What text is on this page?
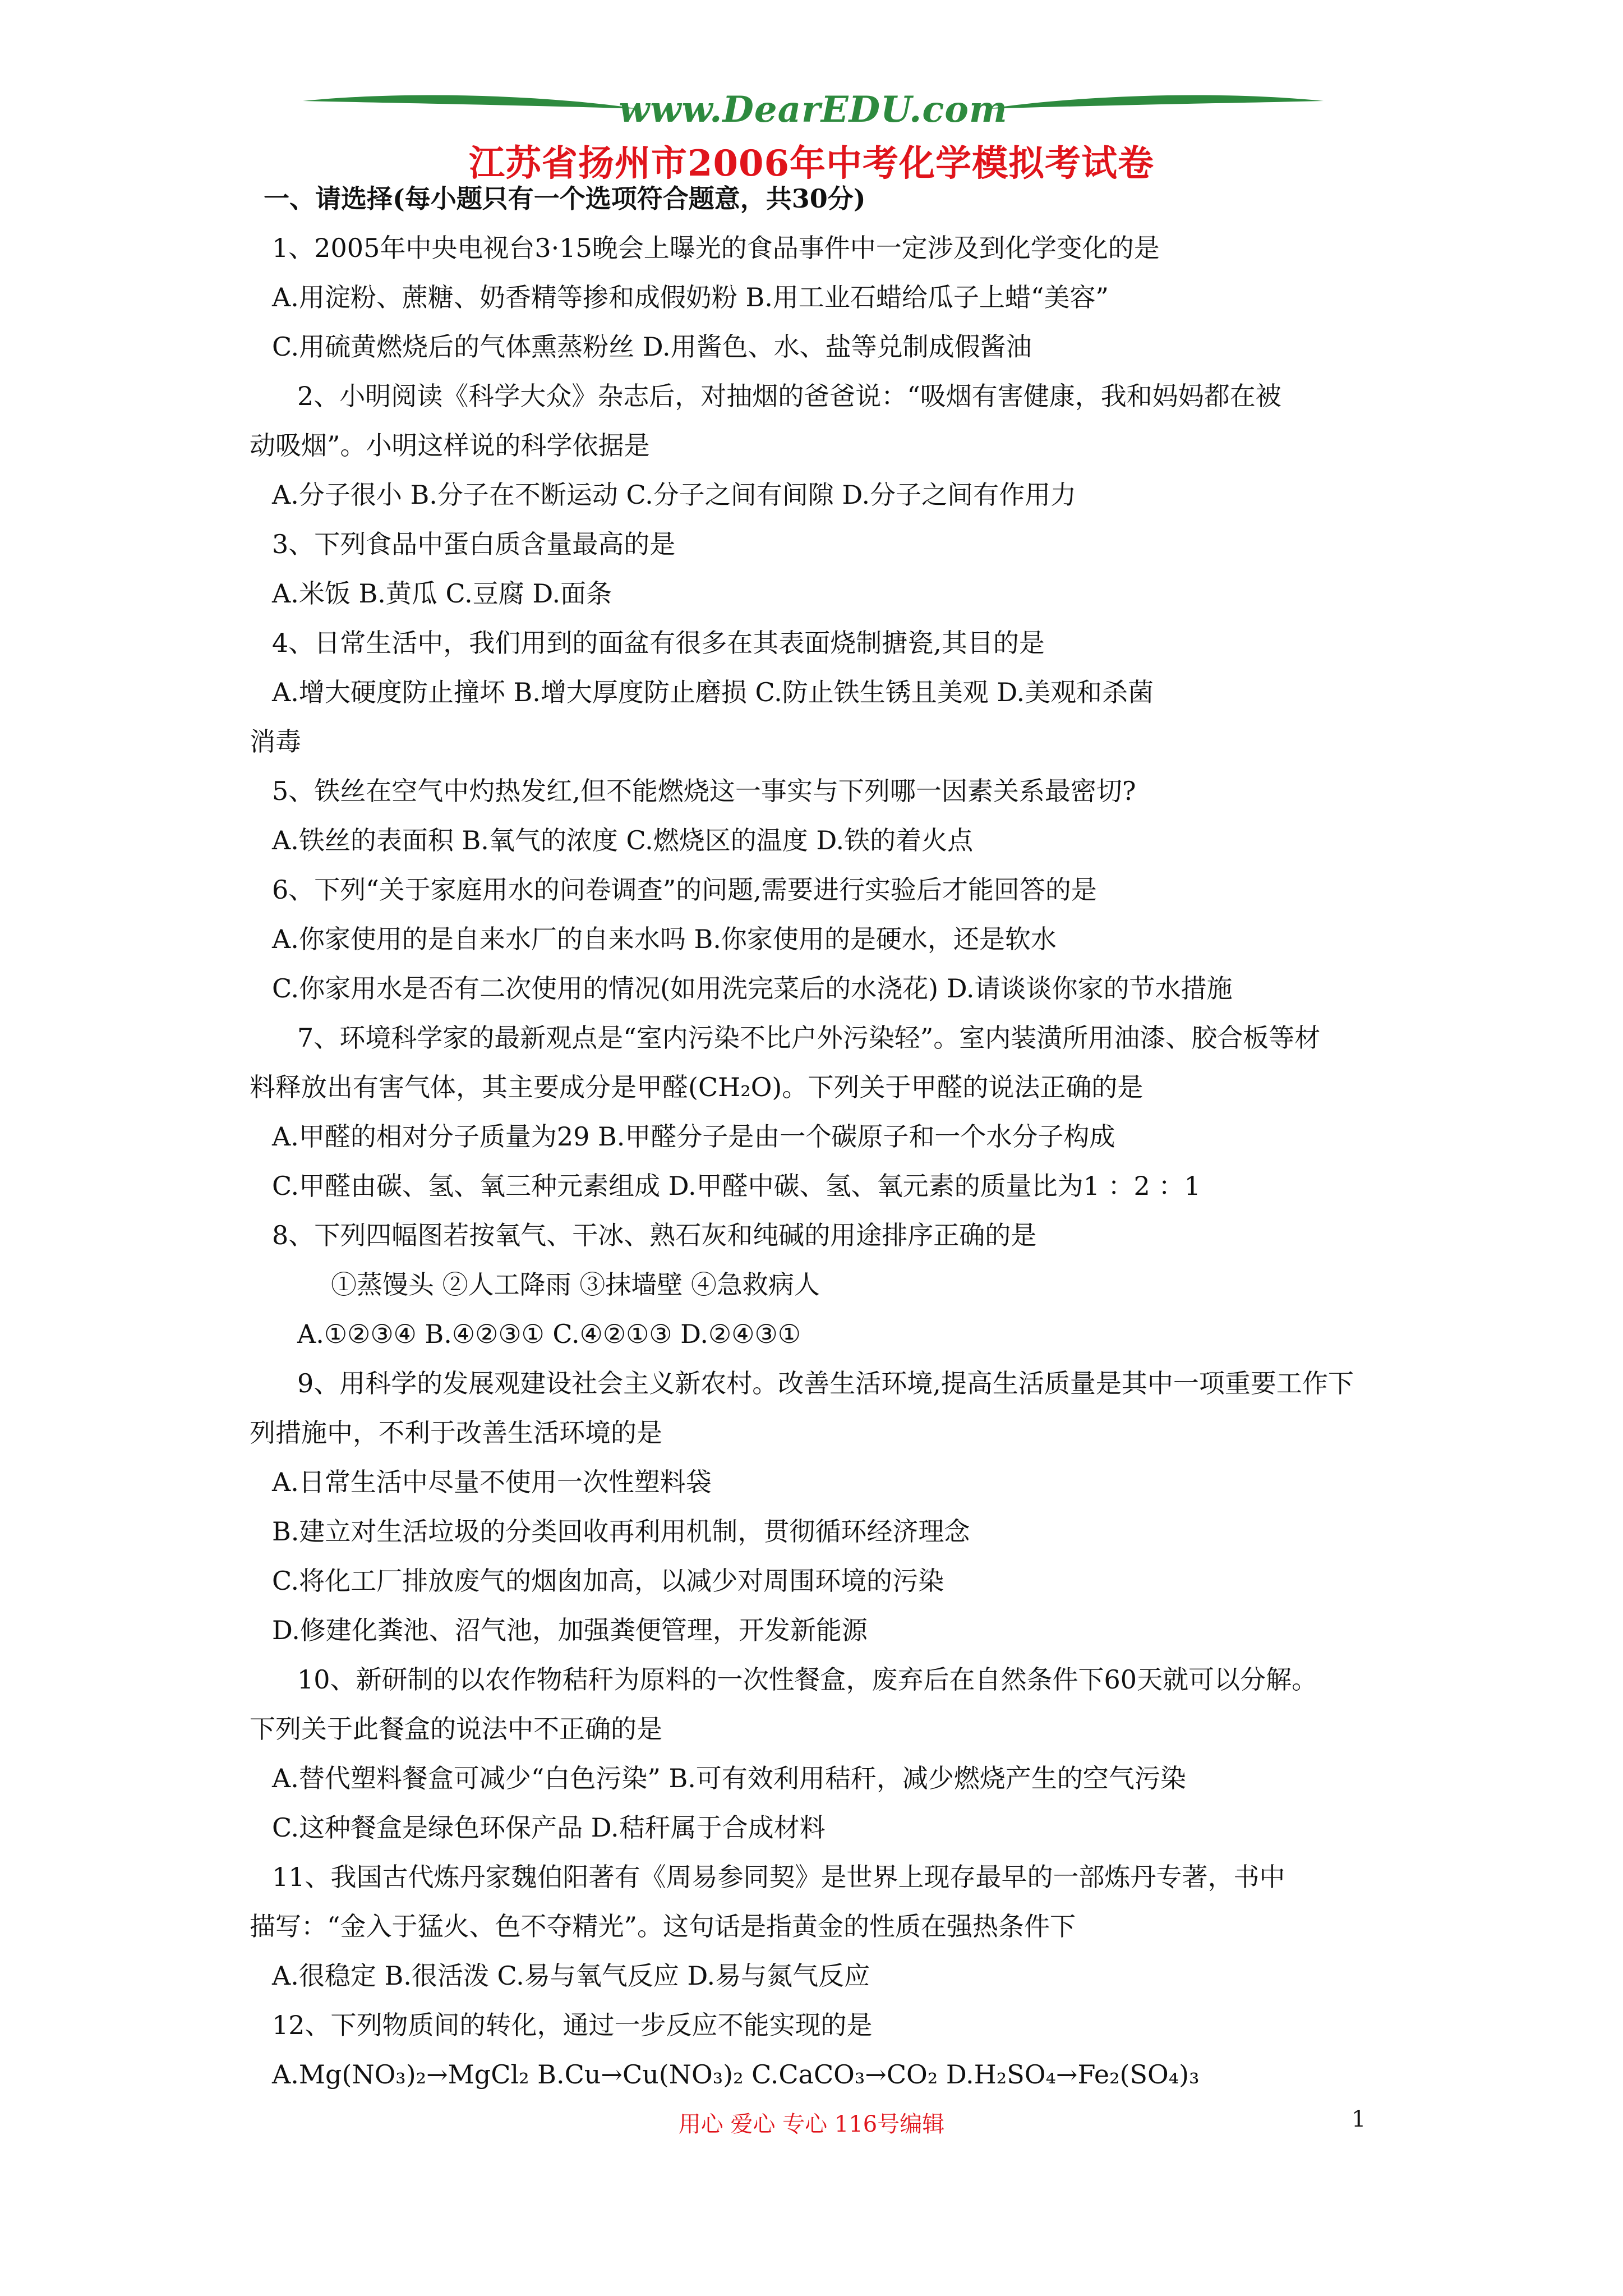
www.DearEDU.com
江苏省扬州市2006年中考化学模拟考试卷
一、请选择(每小题只有一个选项符合题意，共30分)
1、2005年中央电视台3·15晚会上曝光的食品事件中一定涉及到化学变化的是
A.用淀粉、蔗糖、奶香精等掺和成假奶粉 B.用工业石蜡给瓜子上蜡“美容”
C.用硫黄燃烧后的气体熏蒸粉丝 D.用酱色、水、盐等兑制成假酱油
2、小明阅读《科学大众》杂志后，对抽烟的爸爸说：“吸烟有害健康，我和妈妈都在被
动吸烟”。小明这样说的科学依据是
A.分子很小 B.分子在不断运动 C.分子之间有间隙 D.分子之间有作用力
3、下列食品中蛋白质含量最高的是
A.米饭 B.黄瓜 C.豆腐 D.面条
4、日常生活中，我们用到的面盆有很多在其表面烧制搪瓷,其目的是
A.增大硬度防止撞坏 B.增大厚度防止磨损 C.防止铁生锈且美观 D.美观和杀菌
消毒
5、铁丝在空气中灼热发红,但不能燃烧这一事实与下列哪一因素关系最密切?
A.铁丝的表面积 B.氧气的浓度 C.燃烧区的温度 D.铁的着火点
6、下列“关于家庭用水的问卷调查”的问题,需要进行实验后才能回答的是
A.你家使用的是自来水厂的自来水吗 B.你家使用的是硬水，还是软水
C.你家用水是否有二次使用的情况(如用洗完菜后的水浇花) D.请谈谈你家的节水措施
7、环境科学家的最新观点是“室内污染不比户外污染轻”。室内装潢所用油漆、胶合板等材
料释放出有害气体，其主要成分是甲醛(CH₂O)。下列关于甲醛的说法正确的是
A.甲醛的相对分子质量为29 B.甲醛分子是由一个碳原子和一个水分子构成
C.甲醛由碳、氢、氧三种元素组成 D.甲醛中碳、氢、氧元素的质量比为1 ：2 ：1
8、下列四幅图若按氧气、干冰、熟石灰和纯碱的用途排序正确的是
①蒸馒头 ②人工降雨 ③抹墙壁 ④急救病人
A.①②③④ B.④②③① C.④②①③ D.②④③①
9、用科学的发展观建设社会主义新农村。改善生活环境,提高生活质量是其中一项重要工作下
列措施中，不利于改善生活环境的是
A.日常生活中尽量不使用一次性塑料袋
B.建立对生活垃圾的分类回收再利用机制，贯彻循环经济理念
C.将化工厂排放废气的烟囱加高，以减少对周围环境的污染
D.修建化粪池、沼气池，加强粪便管理，开发新能源
10、新研制的以农作物秸秆为原料的一次性餐盒，废弃后在自然条件下60天就可以分解。
下列关于此餐盒的说法中不正确的是
A.替代塑料餐盒可减少“白色污染” B.可有效利用秸秆，减少燃烧产生的空气污染
C.这种餐盒是绿色环保产品 D.秸秆属于合成材料
11、我国古代炼丹家魏伯阳著有《周易参同契》是世界上现存最早的一部炼丹专著，书中
描写：“金入于猛火、色不夺精光”。这句话是指黄金的性质在强热条件下
A.很稳定 B.很活泼 C.易与氧气反应 D.易与氮气反应
12、下列物质间的转化，通过一步反应不能实现的是
用心 爱心 专心 116号编辑	1
A.Mg(NO₃)₂→MgCl₂ B.Cu→Cu(NO₃)₂ C.CaCO₃→CO₂ D.H₂SO₄→Fe₂(SO₄)₃
